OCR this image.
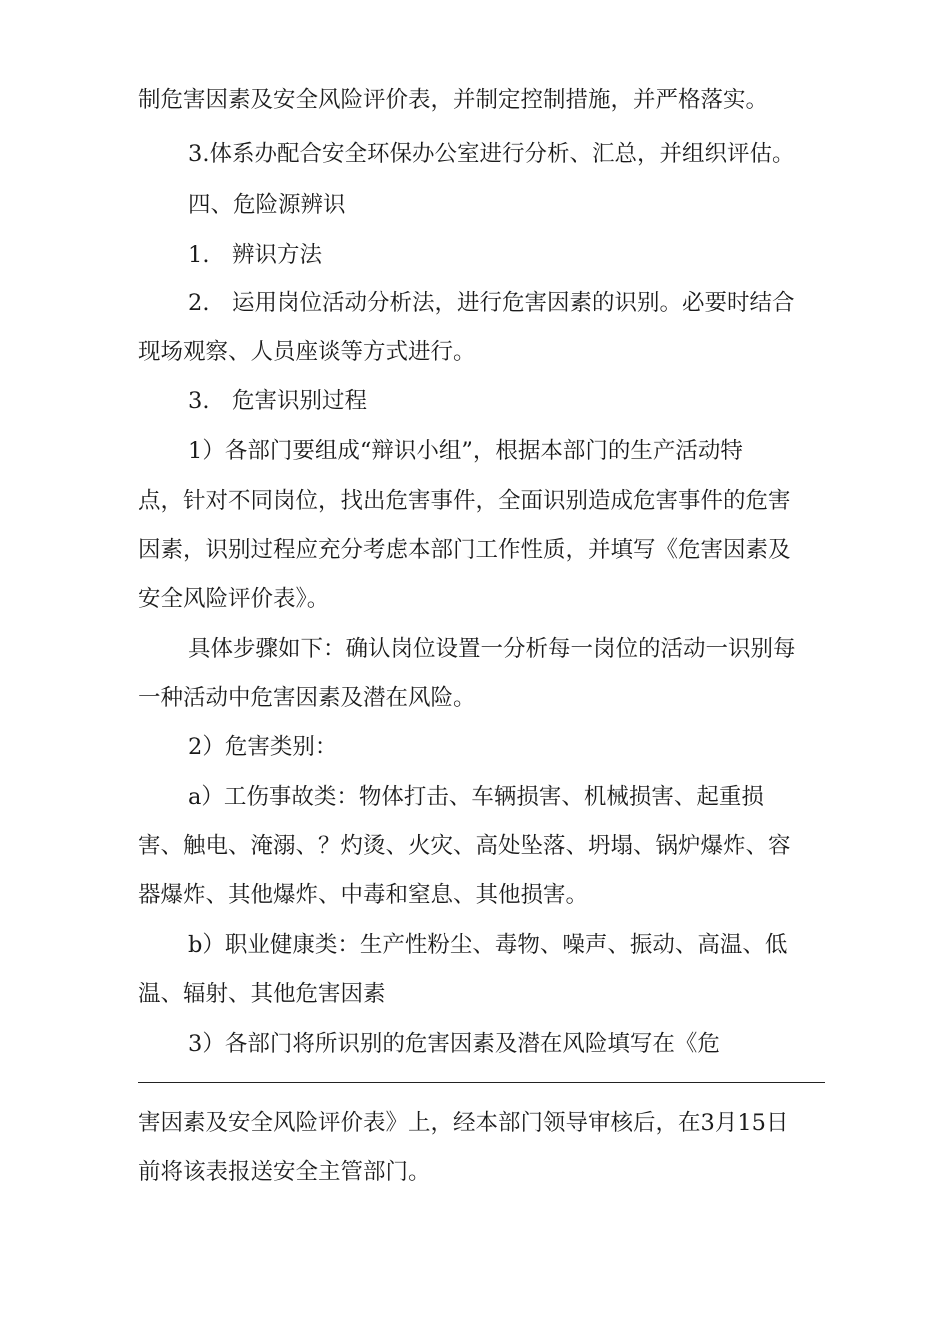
制危害因素及安全风险评价表，并制定控制措施，并严格落实。

3.体系办配合安全环保办公室进行分析、汇总，并组织评估。

四、危险源辨识

1.　辨识方法

2.　运用岗位活动分析法，进行危害因素的识别。必要时结合

现场观察、人员座谈等方式进行。

3.　危害识别过程

1）各部门要组成“辩识小组”，根据本部门的生产活动特

点，针对不同岗位，找出危害事件，全面识别造成危害事件的危害

因素，识别过程应充分考虑本部门工作性质，并填写《危害因素及

安全风险评价表》。

具体步骤如下：确认岗位设置一分析每一岗位的活动一识别每

一种活动中危害因素及潜在风险。

2）危害类别：

a）工伤事故类：物体打击、车辆损害、机械损害、起重损

害、触电、淹溺、？灼烫、火灾、高处坠落、坍塌、锅炉爆炸、容

器爆炸、其他爆炸、中毒和窒息、其他损害。

b）职业健康类：生产性粉尘、毒物、噪声、振动、高温、低

温、辐射、其他危害因素

3）各部门将所识别的危害因素及潜在风险填写在《危

害因素及安全风险评价表》上，经本部门领导审核后，在3月15日

前将该表报送安全主管部门。
